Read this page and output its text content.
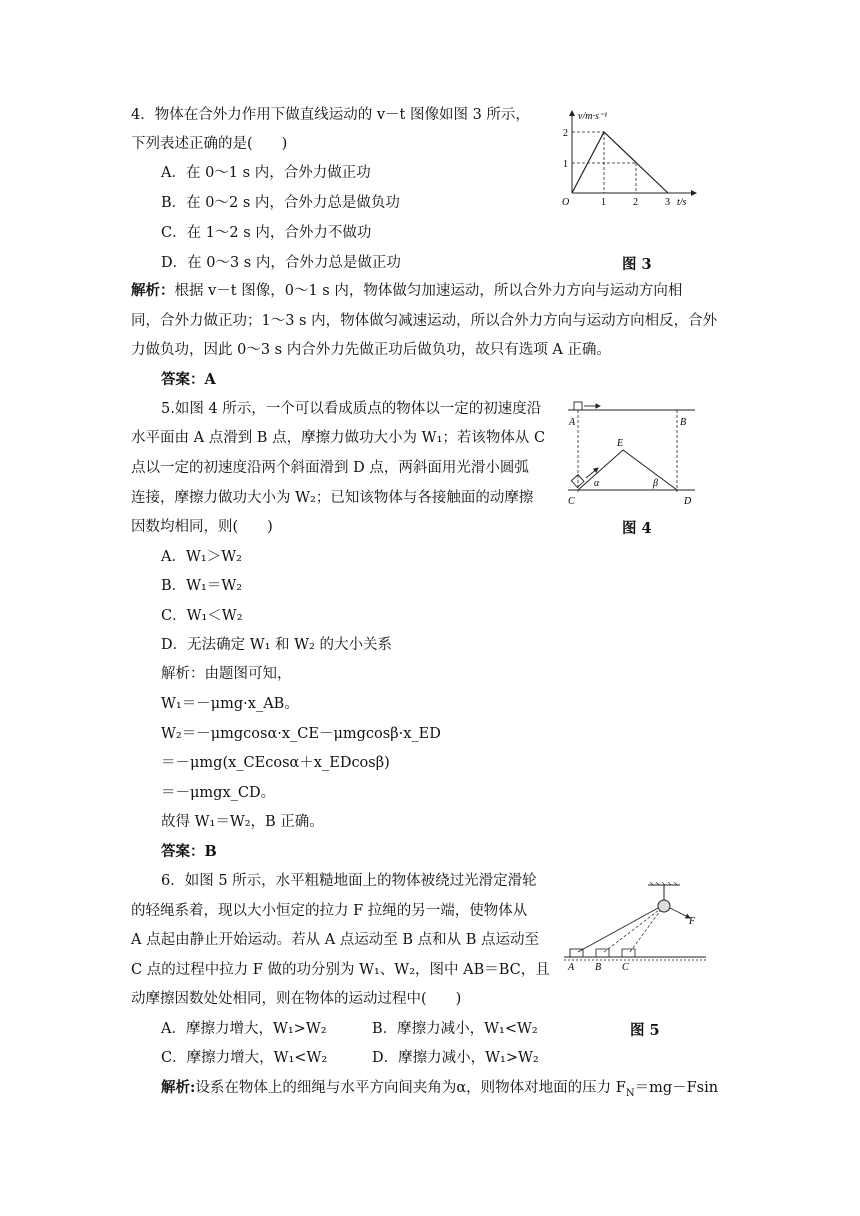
4．物体在合外力作用下做直线运动的 v－t 图像如图 3 所示，
下列表述正确的是(　　)
A．在 0～1 s 内，合外力做正功
B．在 0～2 s 内，合外力总是做负功
C．在 1～2 s 内，合外力不做功
D．在 0～3 s 内，合外力总是做正功	图 3
v/m·s⁻¹
2
1
O	1	2	3 t/s
解析：根据 v－t 图像，0～1 s 内，物体做匀加速运动，所以合外力方向与运动方向相
同，合外力做正功；1～3 s 内，物体做匀减速运动，所以合外力方向与运动方向相反，合外
力做负功，因此 0～3 s 内合外力先做正功后做负功，故只有选项 A 正确。
答案：A
5.如图 4 所示，一个可以看成质点的物体以一定的初速度沿
水平面由 A 点滑到 B 点，摩擦力做功大小为 W₁；若该物体从 C
点以一定的初速度沿两个斜面滑到 D 点，两斜面用光滑小圆弧
连接，摩擦力做功大小为 W₂；已知该物体与各接触面的动摩擦
因数均相同，则(　　)	图 4
A	B
E
C	D
α	β
A．W₁＞W₂
B．W₁＝W₂
C．W₁＜W₂
D．无法确定 W₁ 和 W₂ 的大小关系
解析：由题图可知，
W₁＝－μmg·x_AB。
W₂＝－μmgcosα·x_CE－μmgcosβ·x_ED
＝－μmg(x_CEcosα＋x_EDcosβ)
＝－μmgx_CD。
故得 W₁＝W₂，B 正确。
答案：B
6．如图 5 所示，水平粗糙地面上的物体被绕过光滑定滑轮
的轻绳系着，现以大小恒定的拉力 F 拉绳的另一端，使物体从
A 点起由静止开始运动。若从 A 点运动至 B 点和从 B 点运动至
C 点的过程中拉力 F 做的功分别为 W₁、W₂，图中 AB＝BC，且
动摩擦因数处处相同，则在物体的运动过程中(　　)
F
A B C
A．摩擦力增大，W₁>W₂	B．摩擦力减小，W₁<W₂	图 5
C．摩擦力增大，W₁<W₂	D．摩擦力减小，W₁>W₂
解析:设系在物体上的细绳与水平方向间夹角为α，则物体对地面的压力 $F_N=mg-Fsin$
